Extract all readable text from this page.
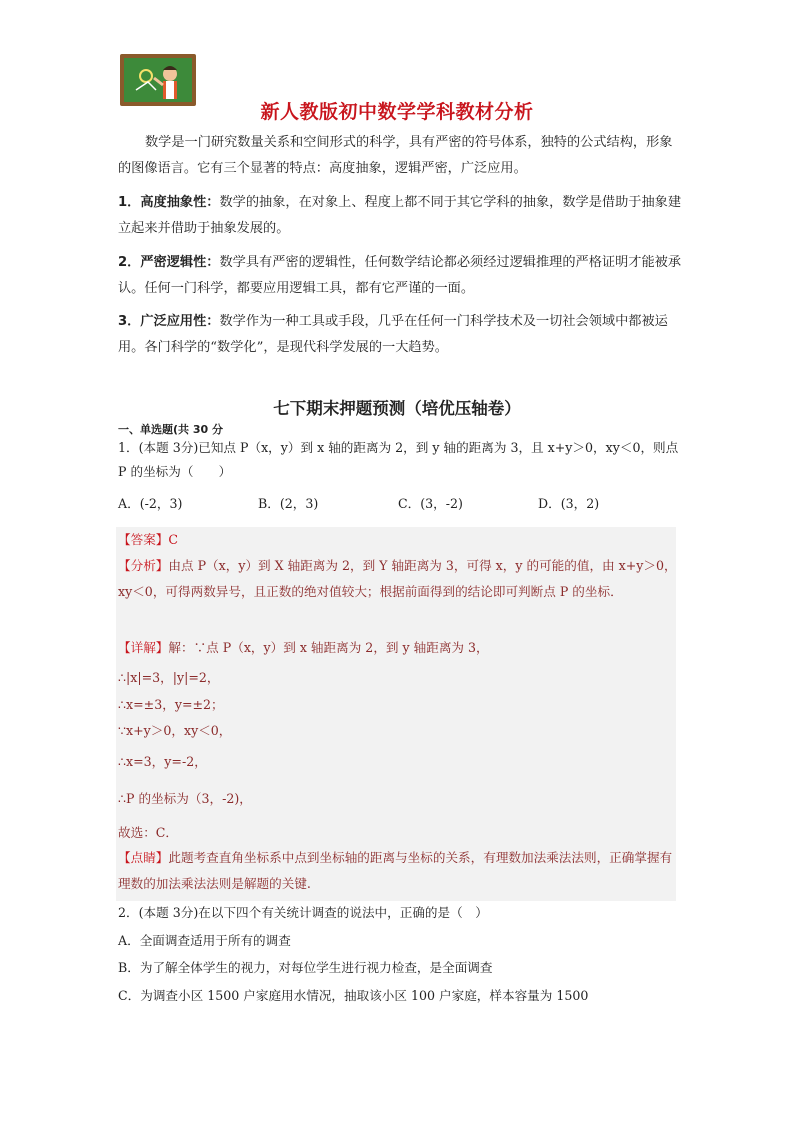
新人教版初中数学学科教材分析
数学是一门研究数量关系和空间形式的科学，具有严密的符号体系，独特的公式结构，形象的图像语言。它有三个显著的特点：高度抽象，逻辑严密，广泛应用。
1．高度抽象性：数学的抽象，在对象上、程度上都不同于其它学科的抽象，数学是借助于抽象建立起来并借助于抽象发展的。
2．严密逻辑性：数学具有严密的逻辑性，任何数学结论都必须经过逻辑推理的严格证明才能被承认。任何一门科学，都要应用逻辑工具，都有它严谨的一面。
3．广泛应用性：数学作为一种工具或手段，几乎在任何一门科学技术及一切社会领域中都被运用。各门科学的“数学化”，是现代科学发展的一大趋势。
七下期末押题预测（培优压轴卷）
一、单选题(共 30 分
1．(本题 3分)已知点 P（x，y）到 x 轴的距离为 2，到 y 轴的距离为 3，且 x+y＞0，xy＜0，则点 P 的坐标为（　　）
A．(-2，3)	B．(2，3)	C．(3，-2)	D．(3，2)
【答案】C
【分析】由点 P（x，y）到 X 轴距离为 2，到 Y 轴距离为 3，可得 x，y 的可能的值，由 x+y＞0，xy＜0，可得两数异号，且正数的绝对值较大；根据前面得到的结论即可判断点 P 的坐标．
【详解】解：∵点 P（x，y）到 x 轴距离为 2，到 y 轴距离为 3，
∴|x|=3，|y|=2，
∴x=±3，y=±2；
∵x+y＞0，xy＜0，
∴x=3，y=-2，
∴P 的坐标为（3，-2)，
故选：C．
【点睛】此题考查直角坐标系中点到坐标轴的距离与坐标的关系，有理数加法乘法法则，正确掌握有理数的加法乘法法则是解题的关键.
2．(本题 3分)在以下四个有关统计调查的说法中，正确的是（　）
A．全面调查适用于所有的调查
B．为了解全体学生的视力，对每位学生进行视力检查，是全面调查
C．为调查小区 1500 户家庭用水情况，抽取该小区 100 户家庭，样本容量为 1500
